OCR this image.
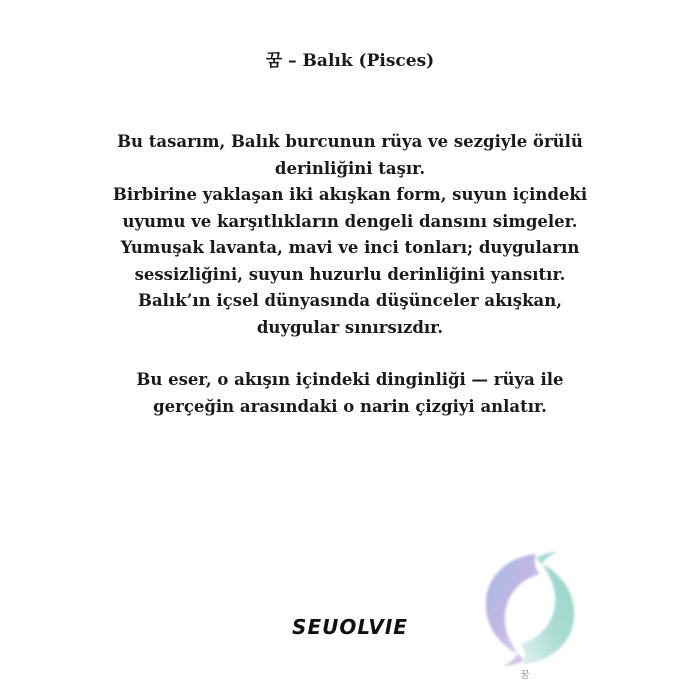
꿈 – Balık (Pisces)
Bu tasarım, Balık burcunun rüya ve sezgiyle örülü
derinliğini taşır.
Birbirine yaklaşan iki akışkan form, suyun içindeki
uyumu ve karşıtlıkların dengeli dansını simgeler.
Yumuşak lavanta, mavi ve inci tonları; duyguların
sessizliğini, suyun huzurlu derinliğini yansıtır.
Balık’ın içsel dünyasında düşünceler akışkan,
duygular sınırsızdır.
Bu eser, o akışın içindeki dinginliği — rüya ile
gerçeğin arasındaki o narin çizgiyi anlatır.
SEUOLVIE
꿈
